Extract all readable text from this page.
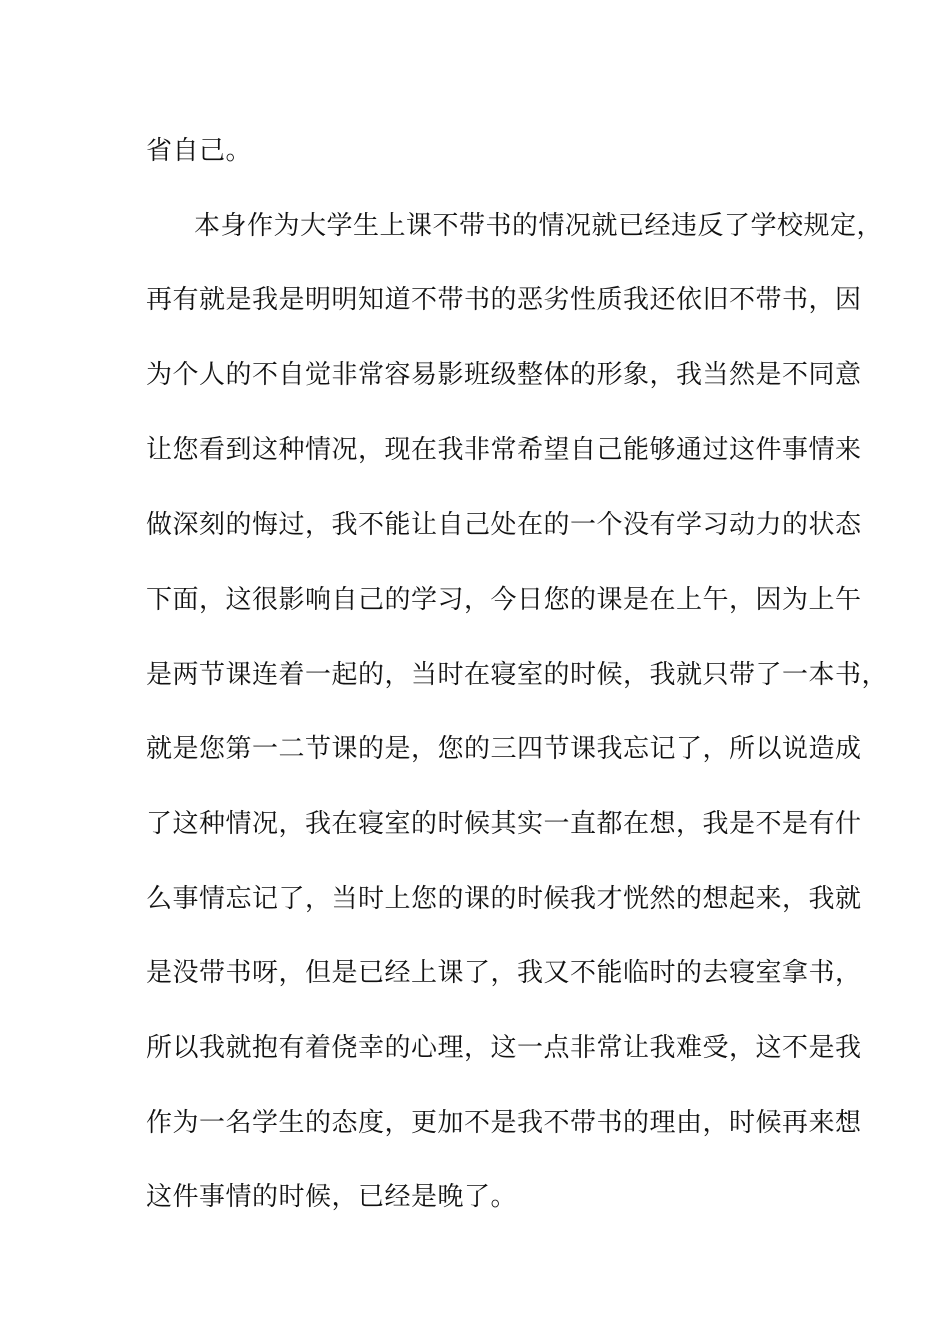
省自己。
本身作为大学生上课不带书的情况就已经违反了学校规定，
再有就是我是明明知道不带书的恶劣性质我还依旧不带书，因
为个人的不自觉非常容易影班级整体的形象，我当然是不同意
让您看到这种情况，现在我非常希望自己能够通过这件事情来
做深刻的悔过，我不能让自己处在的一个没有学习动力的状态
下面，这很影响自己的学习，今日您的课是在上午，因为上午
是两节课连着一起的，当时在寝室的时候，我就只带了一本书，
就是您第一二节课的是，您的三四节课我忘记了，所以说造成
了这种情况，我在寝室的时候其实一直都在想，我是不是有什
么事情忘记了，当时上您的课的时候我才恍然的想起来，我就
是没带书呀，但是已经上课了，我又不能临时的去寝室拿书，
所以我就抱有着侥幸的心理，这一点非常让我难受，这不是我
作为一名学生的态度，更加不是我不带书的理由，时候再来想
这件事情的时候，已经是晚了。
